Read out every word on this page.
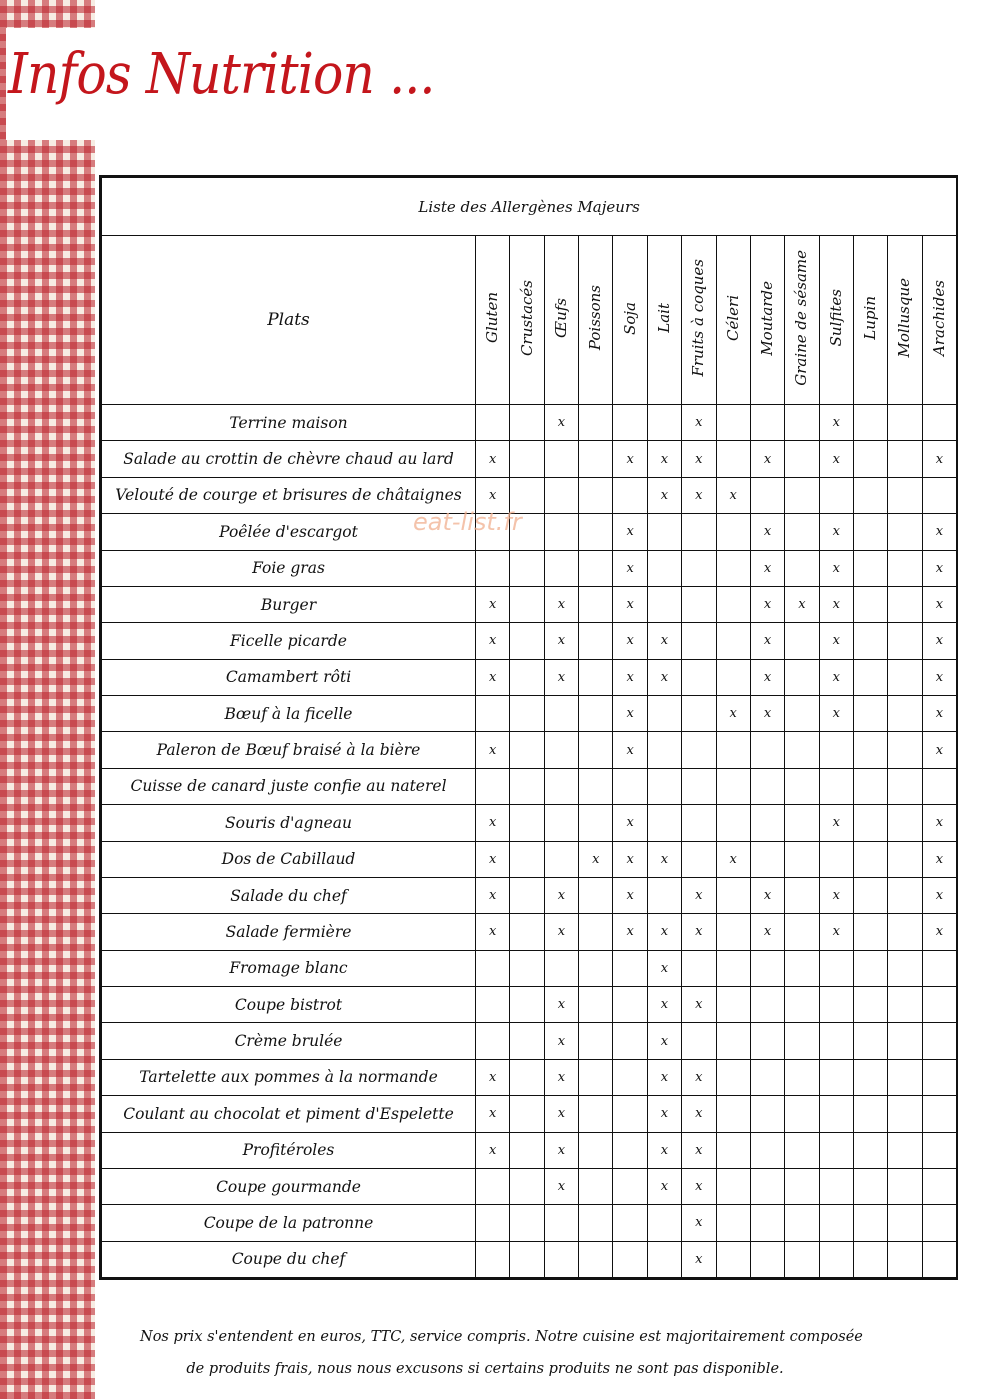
Infos Nutrition ...
Liste des Allergènes Majeurs														
Plats	Gluten	Crustacés	Œufs	Poissons	Soja	Lait	Fruits à coques	Céleri	Moutarde	Graine de sésame	Sulfites	Lupin	Mollusque	Arachides
Terrine maison			x				x				x			
Salade au crottin de chèvre chaud au lard	x				x	x	x		x		x			x
Velouté de courge et brisures de châtaignes	x					x	x	x						
Poêlée d'escargot					x				x		x			x
Foie gras					x				x		x			x
Burger	x		x		x				x	x	x			x
Ficelle picarde	x		x		x	x			x		x			x
Camambert rôti	x		x		x	x			x		x			x
Bœuf à la ficelle					x			x	x		x			x
Paleron de Bœuf braisé à la bière	x				x									x
Cuisse de canard juste confie au naterel														
Souris d'agneau	x				x						x			x
Dos de Cabillaud	x			x	x	x		x						x
Salade du chef	x		x		x		x		x		x			x
Salade fermière	x		x		x	x	x		x		x			x
Fromage blanc						x								
Coupe bistrot			x			x	x							
Crème brulée			x			x								
Tartelette aux pommes à la normande	x		x			x	x							
Coulant au chocolat et piment d'Espelette	x		x			x	x							
Profitéroles	x		x			x	x							
Coupe gourmande			x			x	x							
Coupe de la patronne							x							
Coupe du chef							x							
eat-list.fr
Nos prix s'entendent en euros, TTC, service compris. Notre cuisine est majoritairement composée
de produits frais, nous nous excusons si certains produits ne sont pas disponible.
